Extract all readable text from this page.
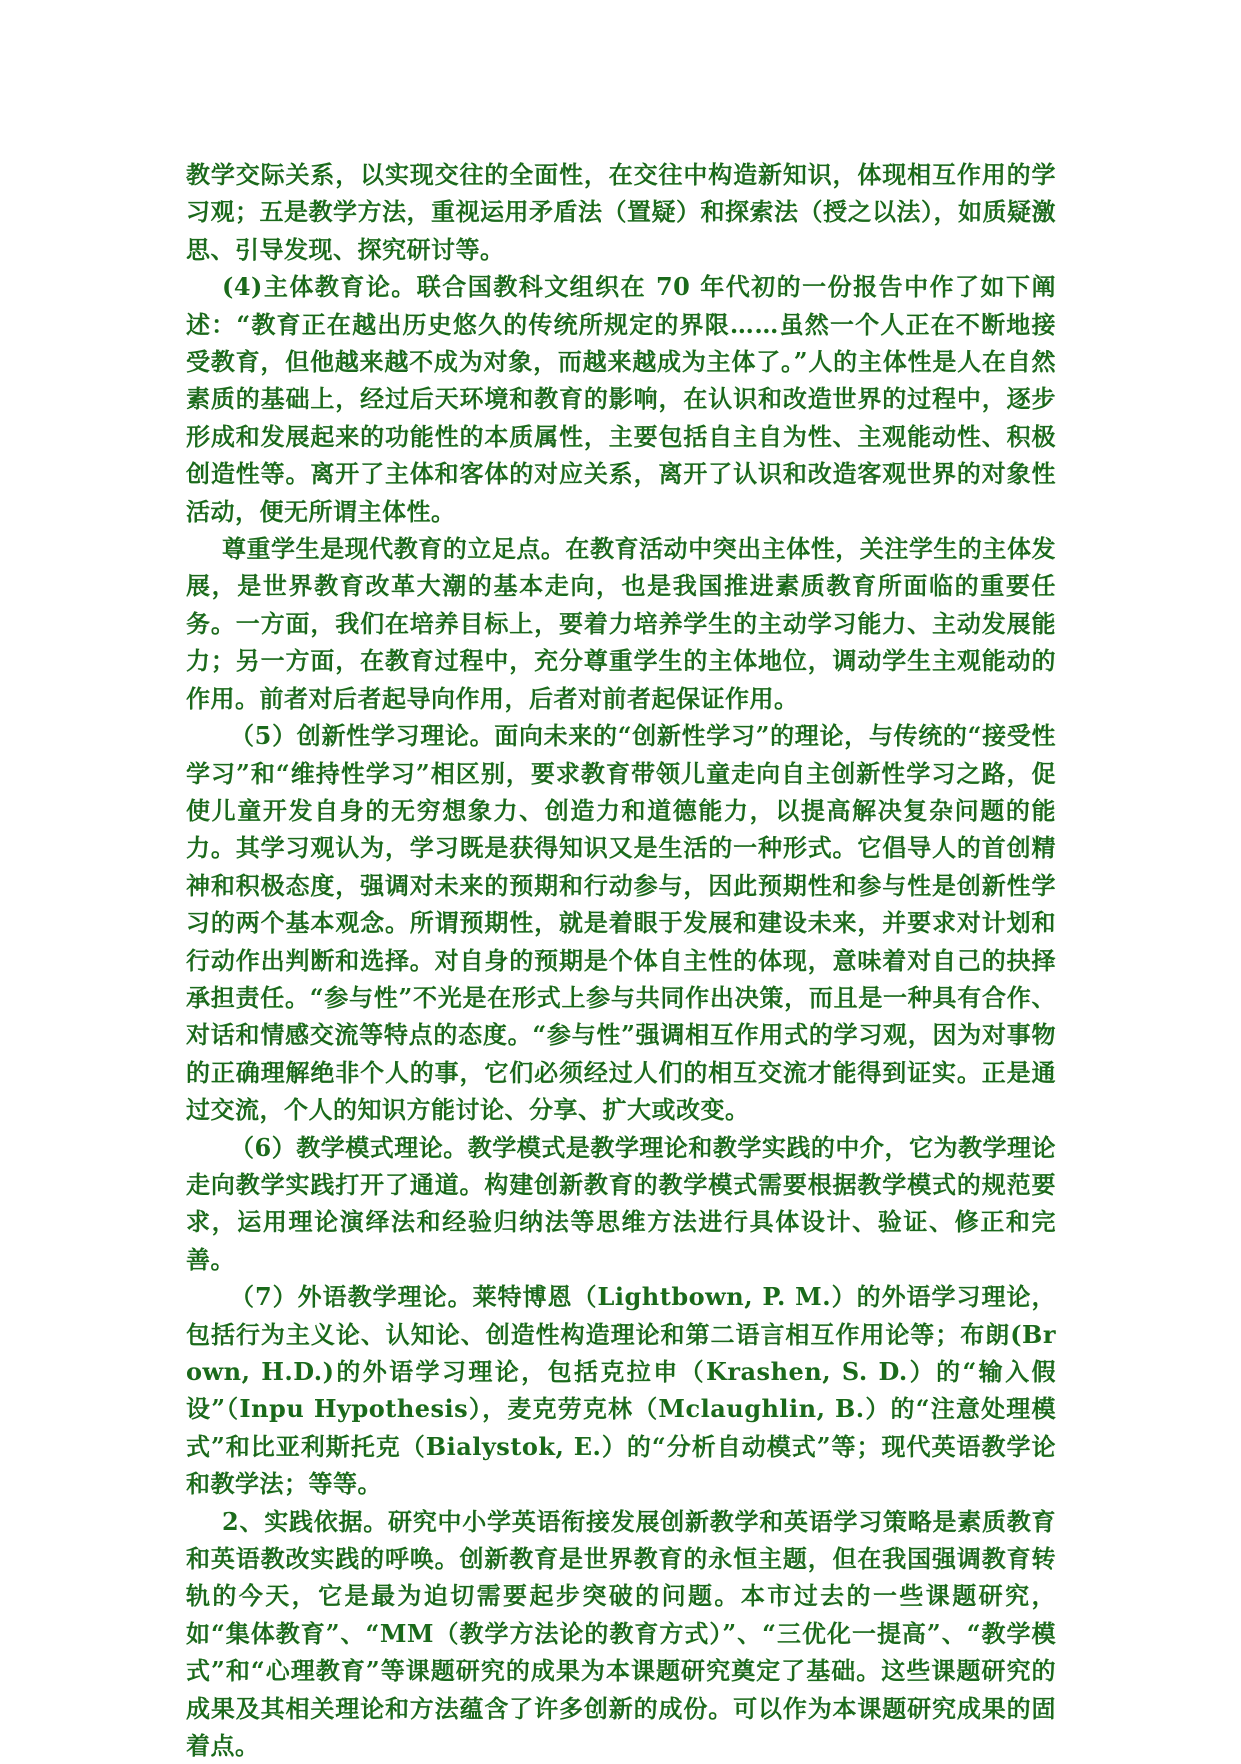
教学交际关系，以实现交往的全面性，在交往中构造新知识，体现相互作用的学习观；五是教学方法，重视运用矛盾法（置疑）和探索法（授之以法），如质疑激思、引导发现、探究研讨等。

(4)主体教育论。联合国教科文组织在 70 年代初的一份报告中作了如下阐述：“教育正在越出历史悠久的传统所规定的界限……虽然一个人正在不断地接受教育，但他越来越不成为对象，而越来越成为主体了。”人的主体性是人在自然素质的基础上，经过后天环境和教育的影响，在认识和改造世界的过程中，逐步形成和发展起来的功能性的本质属性，主要包括自主自为性、主观能动性、积极创造性等。离开了主体和客体的对应关系，离开了认识和改造客观世界的对象性活动，便无所谓主体性。

尊重学生是现代教育的立足点。在教育活动中突出主体性，关注学生的主体发展，是世界教育改革大潮的基本走向，也是我国推进素质教育所面临的重要任务。一方面，我们在培养目标上，要着力培养学生的主动学习能力、主动发展能力；另一方面，在教育过程中，充分尊重学生的主体地位，调动学生主观能动的作用。前者对后者起导向作用，后者对前者起保证作用。

（5）创新性学习理论。面向未来的“创新性学习”的理论，与传统的“接受性学习”和“维持性学习”相区别，要求教育带领儿童走向自主创新性学习之路，促使儿童开发自身的无穷想象力、创造力和道德能力，以提高解决复杂问题的能力。其学习观认为，学习既是获得知识又是生活的一种形式。它倡导人的首创精神和积极态度，强调对未来的预期和行动参与，因此预期性和参与性是创新性学习的两个基本观念。所谓预期性，就是着眼于发展和建设未来，并要求对计划和行动作出判断和选择。对自身的预期是个体自主性的体现，意味着对自己的抉择承担责任。“参与性”不光是在形式上参与共同作出决策，而且是一种具有合作、对话和情感交流等特点的态度。“参与性”强调相互作用式的学习观，因为对事物的正确理解绝非个人的事，它们必须经过人们的相互交流才能得到证实。正是通过交流，个人的知识方能讨论、分享、扩大或改变。

（6）教学模式理论。教学模式是教学理论和教学实践的中介，它为教学理论走向教学实践打开了通道。构建创新教育的教学模式需要根据教学模式的规范要求，运用理论演绎法和经验归纳法等思维方法进行具体设计、验证、修正和完善。

（7）外语教学理论。莱特博恩（Lightbown, P. M.）的外语学习理论，包括行为主义论、认知论、创造性构造理论和第二语言相互作用论等；布朗(Brown, H.D.)的外语学习理论，包括克拉申（Krashen, S. D.）的“输入假设”（Inpu Hypothesis），麦克劳克林（Mclaughlin, B.）的“注意处理模式”和比亚利斯托克（Bialystok, E.）的“分析自动模式”等；现代英语教学论和教学法；等等。

2、实践依据。研究中小学英语衔接发展创新教学和英语学习策略是素质教育和英语教改实践的呼唤。创新教育是世界教育的永恒主题，但在我国强调教育转轨的今天，它是最为迫切需要起步突破的问题。本市过去的一些课题研究，如“集体教育”、“MM（教学方法论的教育方式）”、“三优化一提高”、“教学模式”和“心理教育”等课题研究的成果为本课题研究奠定了基础。这些课题研究的成果及其相关理论和方法蕴含了许多创新的成份。可以作为本课题研究成果的固着点。
